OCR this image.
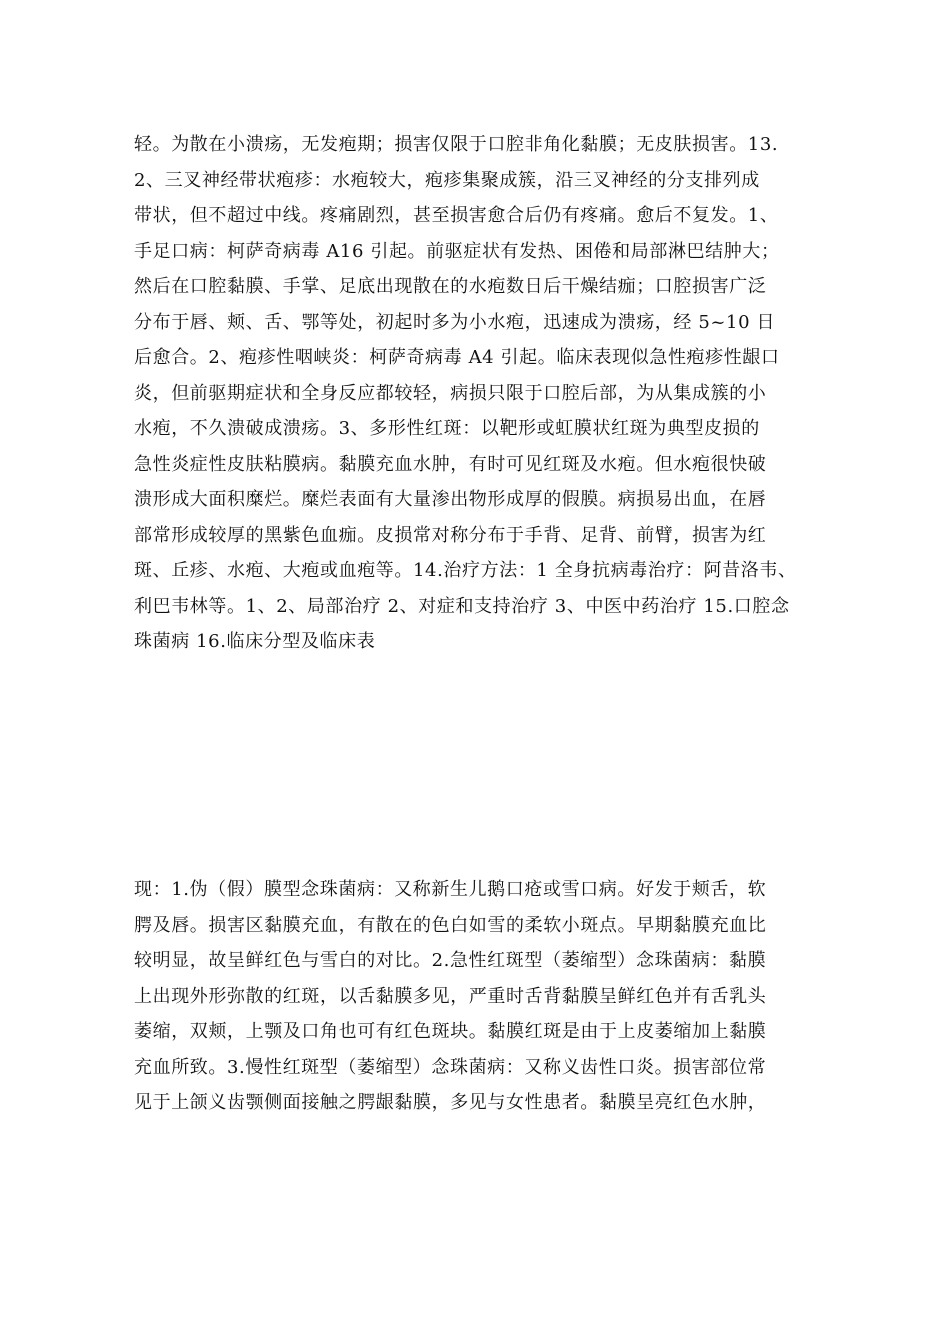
轻。为散在小溃疡，无发疱期；损害仅限于口腔非角化黏膜；无皮肤损害。13.
2、三叉神经带状疱疹：水疱较大，疱疹集聚成簇，沿三叉神经的分支排列成
带状，但不超过中线。疼痛剧烈，甚至损害愈合后仍有疼痛。愈后不复发。1、
手足口病：柯萨奇病毒 A16 引起。前驱症状有发热、困倦和局部淋巴结肿大；
然后在口腔黏膜、手掌、足底出现散在的水疱数日后干燥结痂；口腔损害广泛
分布于唇、颊、舌、鄂等处，初起时多为小水疱，迅速成为溃疡，经 5~10 日
后愈合。2、疱疹性咽峡炎：柯萨奇病毒 A4 引起。临床表现似急性疱疹性龈口
炎，但前驱期症状和全身反应都较轻，病损只限于口腔后部，为从集成簇的小
水疱，不久溃破成溃疡。3、多形性红斑：以靶形或虹膜状红斑为典型皮损的
急性炎症性皮肤粘膜病。黏膜充血水肿，有时可见红斑及水疱。但水疱很快破
溃形成大面积糜烂。糜烂表面有大量渗出物形成厚的假膜。病损易出血，在唇
部常形成较厚的黑紫色血痂。皮损常对称分布于手背、足背、前臂，损害为红
斑、丘疹、水疱、大疱或血疱等。14.治疗方法：1 全身抗病毒治疗：阿昔洛韦、
利巴韦林等。1、2、局部治疗 2、对症和支持治疗 3、中医中药治疗 15.口腔念
珠菌病 16.临床分型及临床表
现：1.伪（假）膜型念珠菌病：又称新生儿鹅口疮或雪口病。好发于颊舌，软
腭及唇。损害区黏膜充血，有散在的色白如雪的柔软小斑点。早期黏膜充血比
较明显，故呈鲜红色与雪白的对比。2.急性红斑型（萎缩型）念珠菌病：黏膜
上出现外形弥散的红斑，以舌黏膜多见，严重时舌背黏膜呈鲜红色并有舌乳头
萎缩，双颊，上颚及口角也可有红色斑块。黏膜红斑是由于上皮萎缩加上黏膜
充血所致。3.慢性红斑型（萎缩型）念珠菌病：又称义齿性口炎。损害部位常
见于上颌义齿颚侧面接触之腭龈黏膜，多见与女性患者。黏膜呈亮红色水肿，
